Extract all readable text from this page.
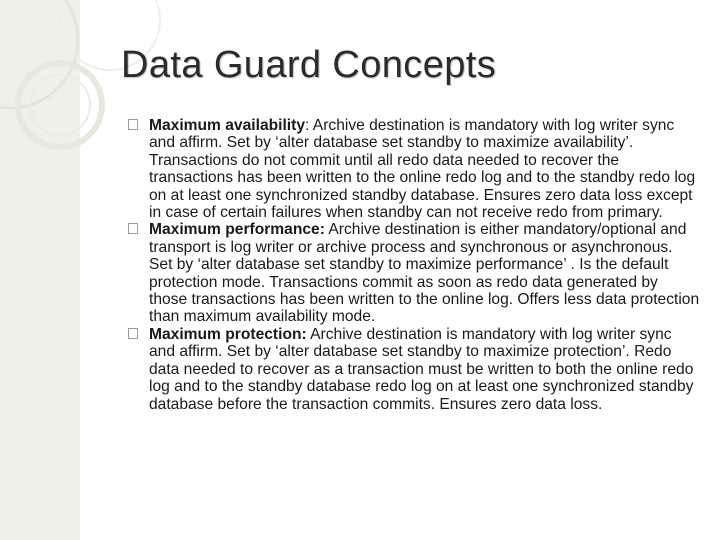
Data Guard Concepts

Maximum availability: Archive destination is mandatory with log writer sync and affirm. Set by ‘alter database set standby to maximize availability’. Transactions do not commit until all redo data needed to recover the transactions has been written to the online redo log and to the standby redo log on at least one synchronized standby database. Ensures zero data loss except in case of certain failures when standby can not receive redo from primary.

Maximum performance: Archive destination is either mandatory/optional and transport is log writer or archive process and synchronous or asynchronous. Set by ‘alter database set standby to maximize performance’ . Is the default protection mode. Transactions commit as soon as redo data generated by those transactions has been written to the online log. Offers less data protection than maximum availability mode.

Maximum protection: Archive destination is mandatory with log writer sync and affirm. Set by ‘alter database set standby to maximize protection’. Redo data needed to recover as a transaction must be written to both the online redo log and to the standby database redo log on at least one synchronized standby database before the transaction commits. Ensures zero data loss.
